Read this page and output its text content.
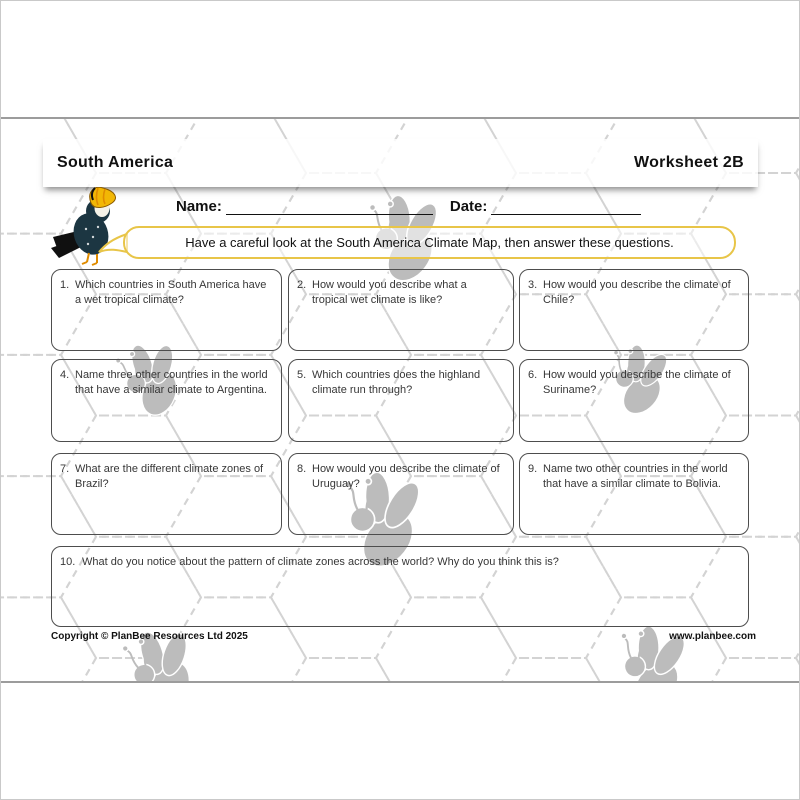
1. Which countries in South America have a wet tropical climate?
2. How would you describe what a tropical wet climate is like?
3. How would you describe the climate of Chile?
4. Name three other countries in the world that have a similar climate to Argentina.
5. Which countries does the highland climate run through?
6. How would you describe the climate of Suriname?
7. What are the different climate zones of Brazil?
8. How would you describe the climate of Uruguay?
9. Name two other countries in the world that have a similar climate to Bolivia.
10. What do you notice about the pattern of climate zones across the world? Why do you think this is?
South America	Worksheet 2B
Name:	Date:
Have a careful look at the South America Climate Map, then answer these questions.
Copyright © PlanBee Resources Ltd 2025	www.planbee.com
